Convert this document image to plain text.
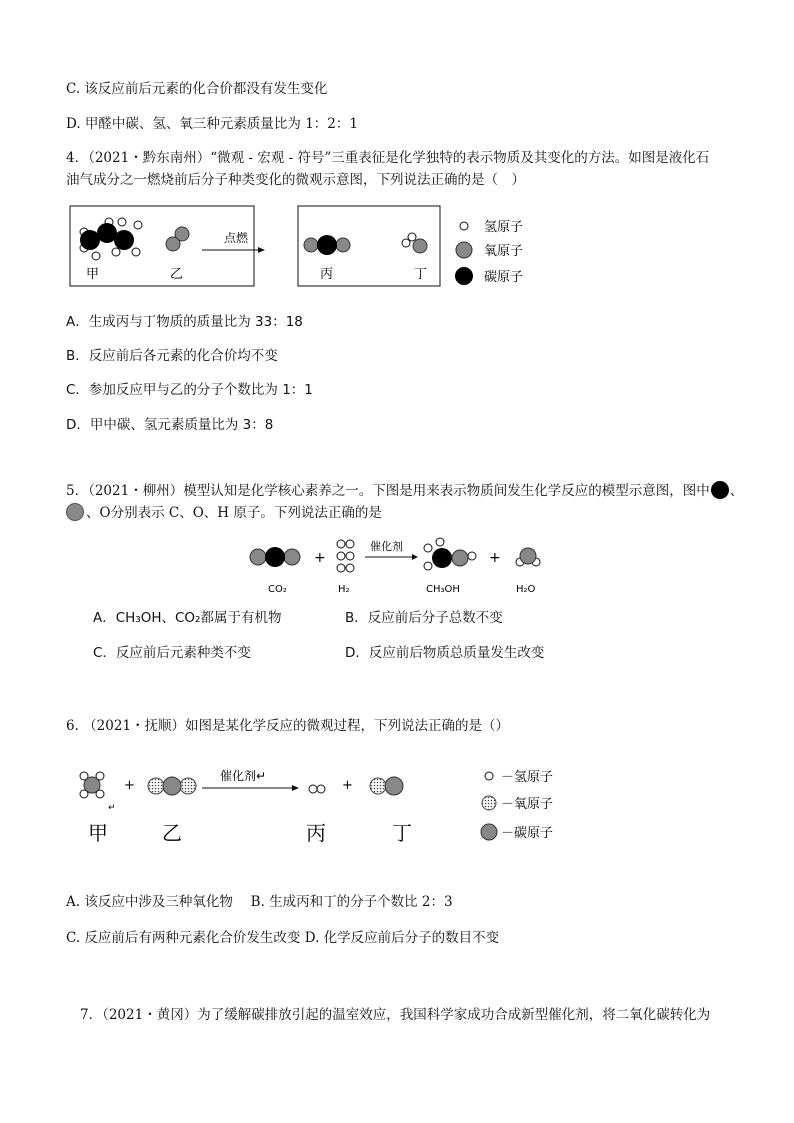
C. 该反应前后元素的化合价都没有发生变化
D. 甲醛中碳、氢、氧三种元素质量比为 1：2：1
4．（2021・黔东南州）“微观 - 宏观 - 符号”三重表征是化学独特的表示物质及其变化的方法。如图是液化石
油气成分之一燃烧前后分子种类变化的微观示意图，下列说法正确的是（　）
甲	乙
点燃
丙	丁
氢原子
氧原子
碳原子
A．生成丙与丁物质的质量比为 33：18
B．反应前后各元素的化合价均不变
C．参加反应甲与乙的分子个数比为 1：1
D．甲中碳、氢元素质量比为 3：8
5．（2021・柳州）模型认知是化学核心素养之一。下图是用来表示物质间发生化学反应的模型示意图，图中 、
、O分别表示 C、O、H 原子。下列说法正确的是
+
催化剂
+
CO₂	H₂	CH₃OH	H₂O
A．CH₃OH、CO₂都属于有机物	B．反应前后分子总数不变
C．反应前后元素种类不变	D．反应前后物质总质量发生改变
6. （2021・抚顺）如图是某化学反应的微观过程，下列说法正确的是（）
↵
+
催化剂↵
+
甲	乙	丙	丁
－氢原子
－氧原子
－碳原子
A. 该反应中涉及三种氧化物　 B. 生成丙和丁的分子个数比 2：3
C. 反应前后有两种元素化合价发生改变 D. 化学反应前后分子的数目不变
7．（2021・黄冈）为了缓解碳排放引起的温室效应，我国科学家成功合成新型催化剂，将二氧化碳转化为
